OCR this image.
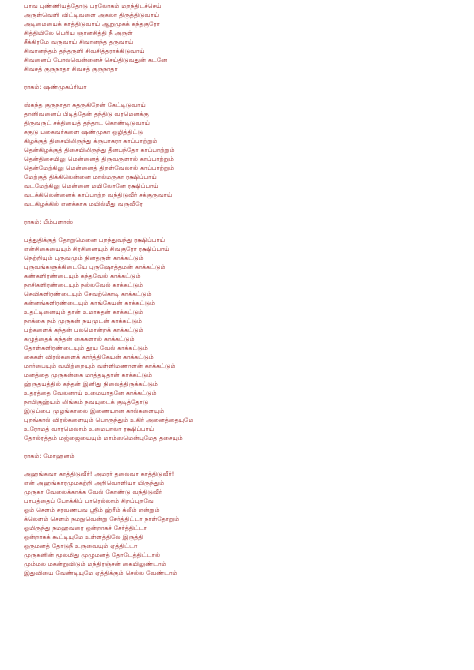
பாவ புண்ணியத்தோடு பரலோகம் மறந்திடச்செய்
அருள்வெளி விட்டிவளை அகலா திருத்திடுவாய்
அடிமையைக் காத்திடுவாய் ஆறுமுகக் கந்தகுரோ
சித்தியிலே பெரிய ஞானசித்தி நீ அருள்
சீக்கிரமே வருவாய் சிவானந்த தருவாய்
சிவானந்தம் தந்தருளி சிவசித்தராக்கிடுவாய்
சிவனைப் போலவென்னைச் செய்திடுவதுன் கடனே
சிவசத் குருநாதா சிவசத் குருநாதா
ராகம்: ஷண்முகப்ரியா
ஸ்கந்த குருநாதா சுதருகிறேன் கேட்டிடுவாய்
தானிவனைப் பிடித்தேன் தந்திடு வரமெனக்கு
திருவருட் சக்தியைத் தந்தாட கொண்டிடுவாய்
சகுடு பகைவர்களை ஷண்முகா ஒழித்திட்டு
கிழக்குத் திசையிலிருந்து க்ருபாகரா காப்பாற்றும்
தென்கிழக்குத் திசையிலிருந்து தீனபந்தோ காப்பாற்றும்
தென்திசையிலு மென்னைத் திருவருளால் காப்பாற்றும்
தென்மேற்கிலு மென்னைத் திறள்வேலால் காப்பாற்றும்
மேற்குத் திக்கிலென்னை மால்மருகா ரக்ஷிப்பாய்
வடமேற்கிலு மென்னை மயிலோனே ரக்ஷிப்பாய்
வடக்கிலென்னைக் காப்பாற்ற வந்திடுவீர் சக்குருவாய்
வடகிழக்கில் எனக்காக மயில்மீது வருவீரே
ராகம்: பீம்பளாஸ்
பத்துதிக்குத் தோறுமெனை பறந்துவந்து ரக்ஷிப்பாய்
என்சிகையையும் சிரசினையும் சிவகுரோ ரக்ஷிப்பாய்
நெற்றியும் புருவமும் நினதருள் காக்கட்டும்
புருவங்களுக்கிடையே புருஷோத்தமன் காக்கட்டும்
கண்களிரண்டையும் கந்தவேல் காக்கட்டும்
நாசிகளிரண்டையும் நல்லவேல் காக்கட்டும்
செவிகளிரண்டையும் சேவற்கொடி காக்கட்டும்
கன்னங்களிரண்டையும் காங்கேயன் காக்கட்டும்
உதட்டினையும் தான் உமாசுதன் காக்கட்டும்
நாக்கை நம் முருகன் நயமுடன் காக்கட்டும்
பற்களைக் கந்தன் பலமொன்றக் காக்கட்டும்
கழுத்தைக் கந்தன் கைகளால் காக்கட்டும்
தோள்களிரண்டையும் தூய வேல் காக்கட்டும்
கைகள் விரல்களைக் கார்த்திகேயன் காக்கட்டும்
மார்பையும் வயிற்றையும் வள்ளிமணாளன் காக்கட்டும்
மனத்தை முருகன்கை மாத்தடிதான் காக்கட்டும்
ஹ்ருதயத்தில் கந்தன் இனிது நிலைத்திருக்கட்டும்
உதரத்தை வேலனாய் உமையாதனே காக்கட்டும்
நாபிகுஹ்யம் லிங்கம் நவயுடைக் குடித்தோடு
இடுப்பை முழங்காலை இணையான கால்களையும்
புறங்கால் விரல்களையும் பொருந்தும் உகிர் அனைத்தையுமே
உரோமத் வாரமெலாம் உமைபாலா ரக்ஷிப்பாய்
தோல்ரத்தம் மஜ்ஜையையும் மாம்ஸமென்புமேத தசையும்
ராகம்: மோஹனம்
அஹங்கவா காத்திடுவீர்! அமரர் தலைவா காத்திடுவீர்!
என் அஹங்காரமுமகற்றி அறிவொளியா யிருந்தும்
முருகா வேலைக்காக்க வேல் கோண்டு வந்திடுவீர்
பாபத்தைப் போக்கிப் பாரெல்லாம் சிறப்புறவே
ஓம் சௌம் சரவணபவ ஸ்ரீம் ஹ்ரீம் க்லீம் என்றும்
க்லௌம் சௌம் நமநுவென்று சேர்த்திட்டா நாள்தோறும்
ஓமிருந்து நமஹவரை ஒன்றாகச் சேர்த்திட்டா
ஒன்றாகக் கூட்டியுமே உள்ளத்திலே இருத்தி
ஒருமனத் தோடுநீ உருவையும் ஏத்திட்டா
முருகனின் மூலமிது முழுமனத் தோடேத்திட்டால்
மும்மல மகன்றுவிடும் மந்திரஞ்சன் கையிலுண்டாம்
இதுவியை வேண்டியுமே ஏத்திக்கும் செல்ல வேண்டாம்
